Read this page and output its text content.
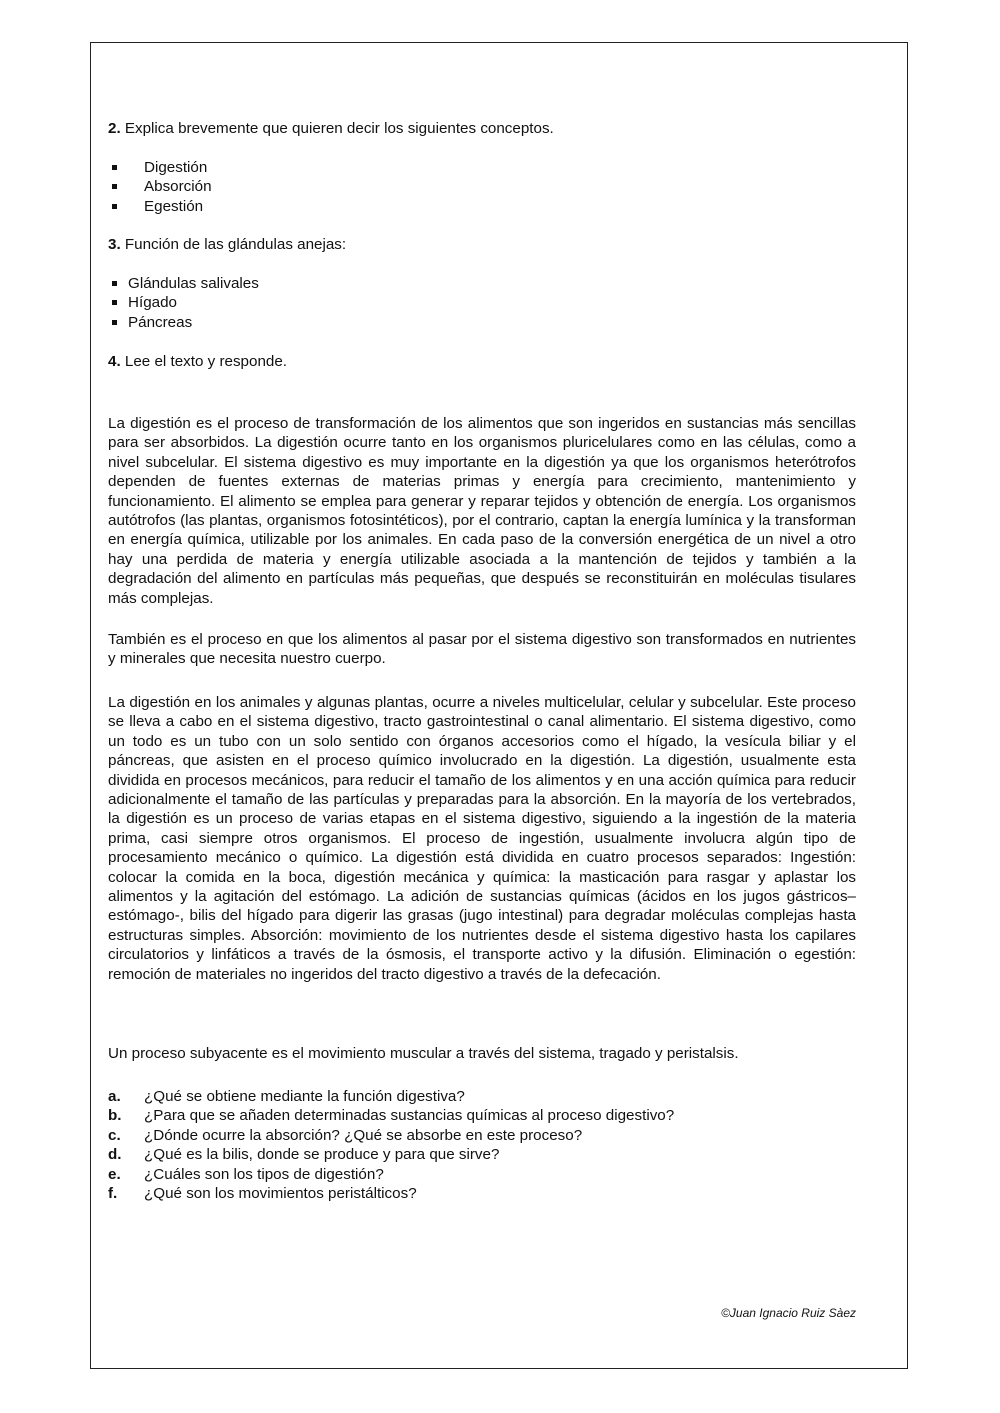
2. Explica brevemente que quieren decir los siguientes conceptos.

Digestión
Absorción
Egestión

3. Función de las glándulas anejas:

Glándulas salivales
Hígado
Páncreas

4. Lee el texto y responde.

La digestión es el proceso de transformación de los alimentos que son ingeridos en sustancias más sencillas para ser absorbidos. La digestión ocurre tanto en los organismos pluricelulares como en las células, como a nivel subcelular. El sistema digestivo es muy importante en la digestión ya que los organismos heterótrofos dependen de fuentes externas de materias primas y energía para crecimiento, mantenimiento y funcionamiento. El alimento se emplea para generar y reparar tejidos y obtención de energía. Los organismos autótrofos (las plantas, organismos fotosintéticos), por el contrario, captan la energía lumínica y la transforman en energía química, utilizable por los animales. En cada paso de la conversión energética de un nivel a otro hay una perdida de materia y energía utilizable asociada a la mantención de tejidos y también a la degradación del alimento en partículas más pequeñas, que después se reconstituirán en moléculas tisulares más complejas.

También es el proceso en que los alimentos al pasar por el sistema digestivo son transformados en nutrientes y minerales que necesita nuestro cuerpo.

La digestión en los animales y algunas plantas, ocurre a niveles multicelular, celular y subcelular. Este proceso se lleva a cabo en el sistema digestivo, tracto gastrointestinal o canal alimentario. El sistema digestivo, como un todo es un tubo con un solo sentido con órganos accesorios como el hígado, la vesícula biliar y el páncreas, que asisten en el proceso químico involucrado en la digestión. La digestión, usualmente esta dividida en procesos mecánicos, para reducir el tamaño de los alimentos y en una acción química para reducir adicionalmente el tamaño de las partículas y preparadas para la absorción. En la mayoría de los vertebrados, la digestión es un proceso de varias etapas en el sistema digestivo, siguiendo a la ingestión de la materia prima, casi siempre otros organismos. El proceso de ingestión, usualmente involucra algún tipo de procesamiento mecánico o químico. La digestión está dividida en cuatro procesos separados: Ingestión: colocar la comida en la boca, digestión mecánica y química: la masticación para rasgar y aplastar los alimentos y la agitación del estómago. La adición de sustancias químicas (ácidos en los jugos gástricos–estómago-, bilis del hígado para digerir las grasas (jugo intestinal) para degradar moléculas complejas hasta estructuras simples. Absorción: movimiento de los nutrientes desde el sistema digestivo hasta los capilares circulatorios y linfáticos a través de la ósmosis, el transporte activo y la difusión. Eliminación o egestión: remoción de materiales no ingeridos del tracto digestivo a través de la defecación.

Un proceso subyacente es el movimiento muscular a través del sistema, tragado y peristalsis.

a. ¿Qué se obtiene mediante la función digestiva?
b. ¿Para que se añaden determinadas sustancias químicas al proceso digestivo?
c. ¿Dónde ocurre la absorción? ¿Qué se absorbe en este proceso?
d. ¿Qué es la bilis, donde se produce y para que sirve?
e. ¿Cuáles son los tipos de digestión?
f. ¿Qué son los movimientos peristálticos?
©Juan Ignacio Ruiz Sàez
